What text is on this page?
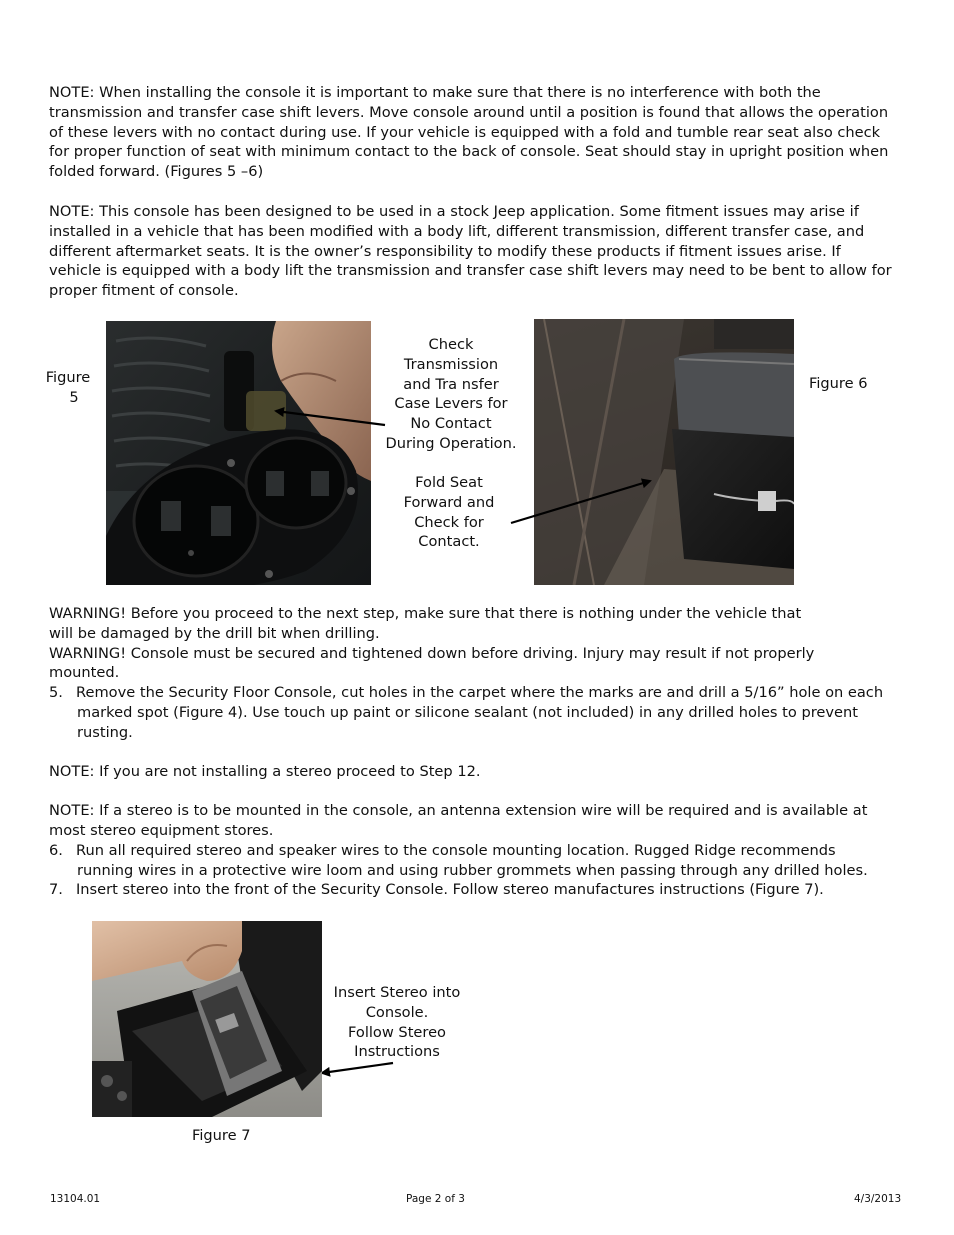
NOTE: When installing the console it is important to make sure that there is no interference with both the
transmission and transfer case shift levers. Move console around until a position is found that allows the operation
of these levers with no contact during use. If your vehicle is equipped with a fold and tumble rear seat also check
for proper function of seat with minimum contact to the back of console. Seat should stay in upright position when
folded forward. (Figures 5 –6)
NOTE: This console has been designed to be used in a stock Jeep application. Some fitment issues may arise if
installed in a vehicle that has been modified with a body lift, different transmission, different transfer case, and
different aftermarket seats. It is the owner’s responsibility to modify these products if fitment issues arise. If
vehicle is equipped with a body lift the transmission and transfer case shift levers may need to be bent to allow for
proper fitment of console.
Figure
5
Check
Transmission
and Tra nsfer
Case Levers for
No Contact
During Operation.
Fold Seat
Forward and
Check for
Contact.
Figure 6
WARNING! Before you proceed to the next step, make sure that there is nothing under the vehicle that
will be damaged by the drill bit when drilling.
WARNING! Console must be secured and tightened down before driving. Injury may result if not properly
mounted.
5. Remove the Security Floor Console, cut holes in the carpet where the marks are and drill a 5/16” hole on each
marked spot (Figure 4). Use touch up paint or silicone sealant (not included) in any drilled holes to prevent
rusting.
NOTE: If you are not installing a stereo proceed to Step 12.
NOTE: If a stereo is to be mounted in the console, an antenna extension wire will be required and is available at
most stereo equipment stores.
6. Run all required stereo and speaker wires to the console mounting location. Rugged Ridge recommends
running wires in a protective wire loom and using rubber grommets when passing through any drilled holes.
7. Insert stereo into the front of the Security Console. Follow stereo manufactures instructions (Figure 7).
Insert Stereo into
Console.
Follow Stereo
Instructions
Figure 7
13104.01	Page 2 of 3	4/3/2013
